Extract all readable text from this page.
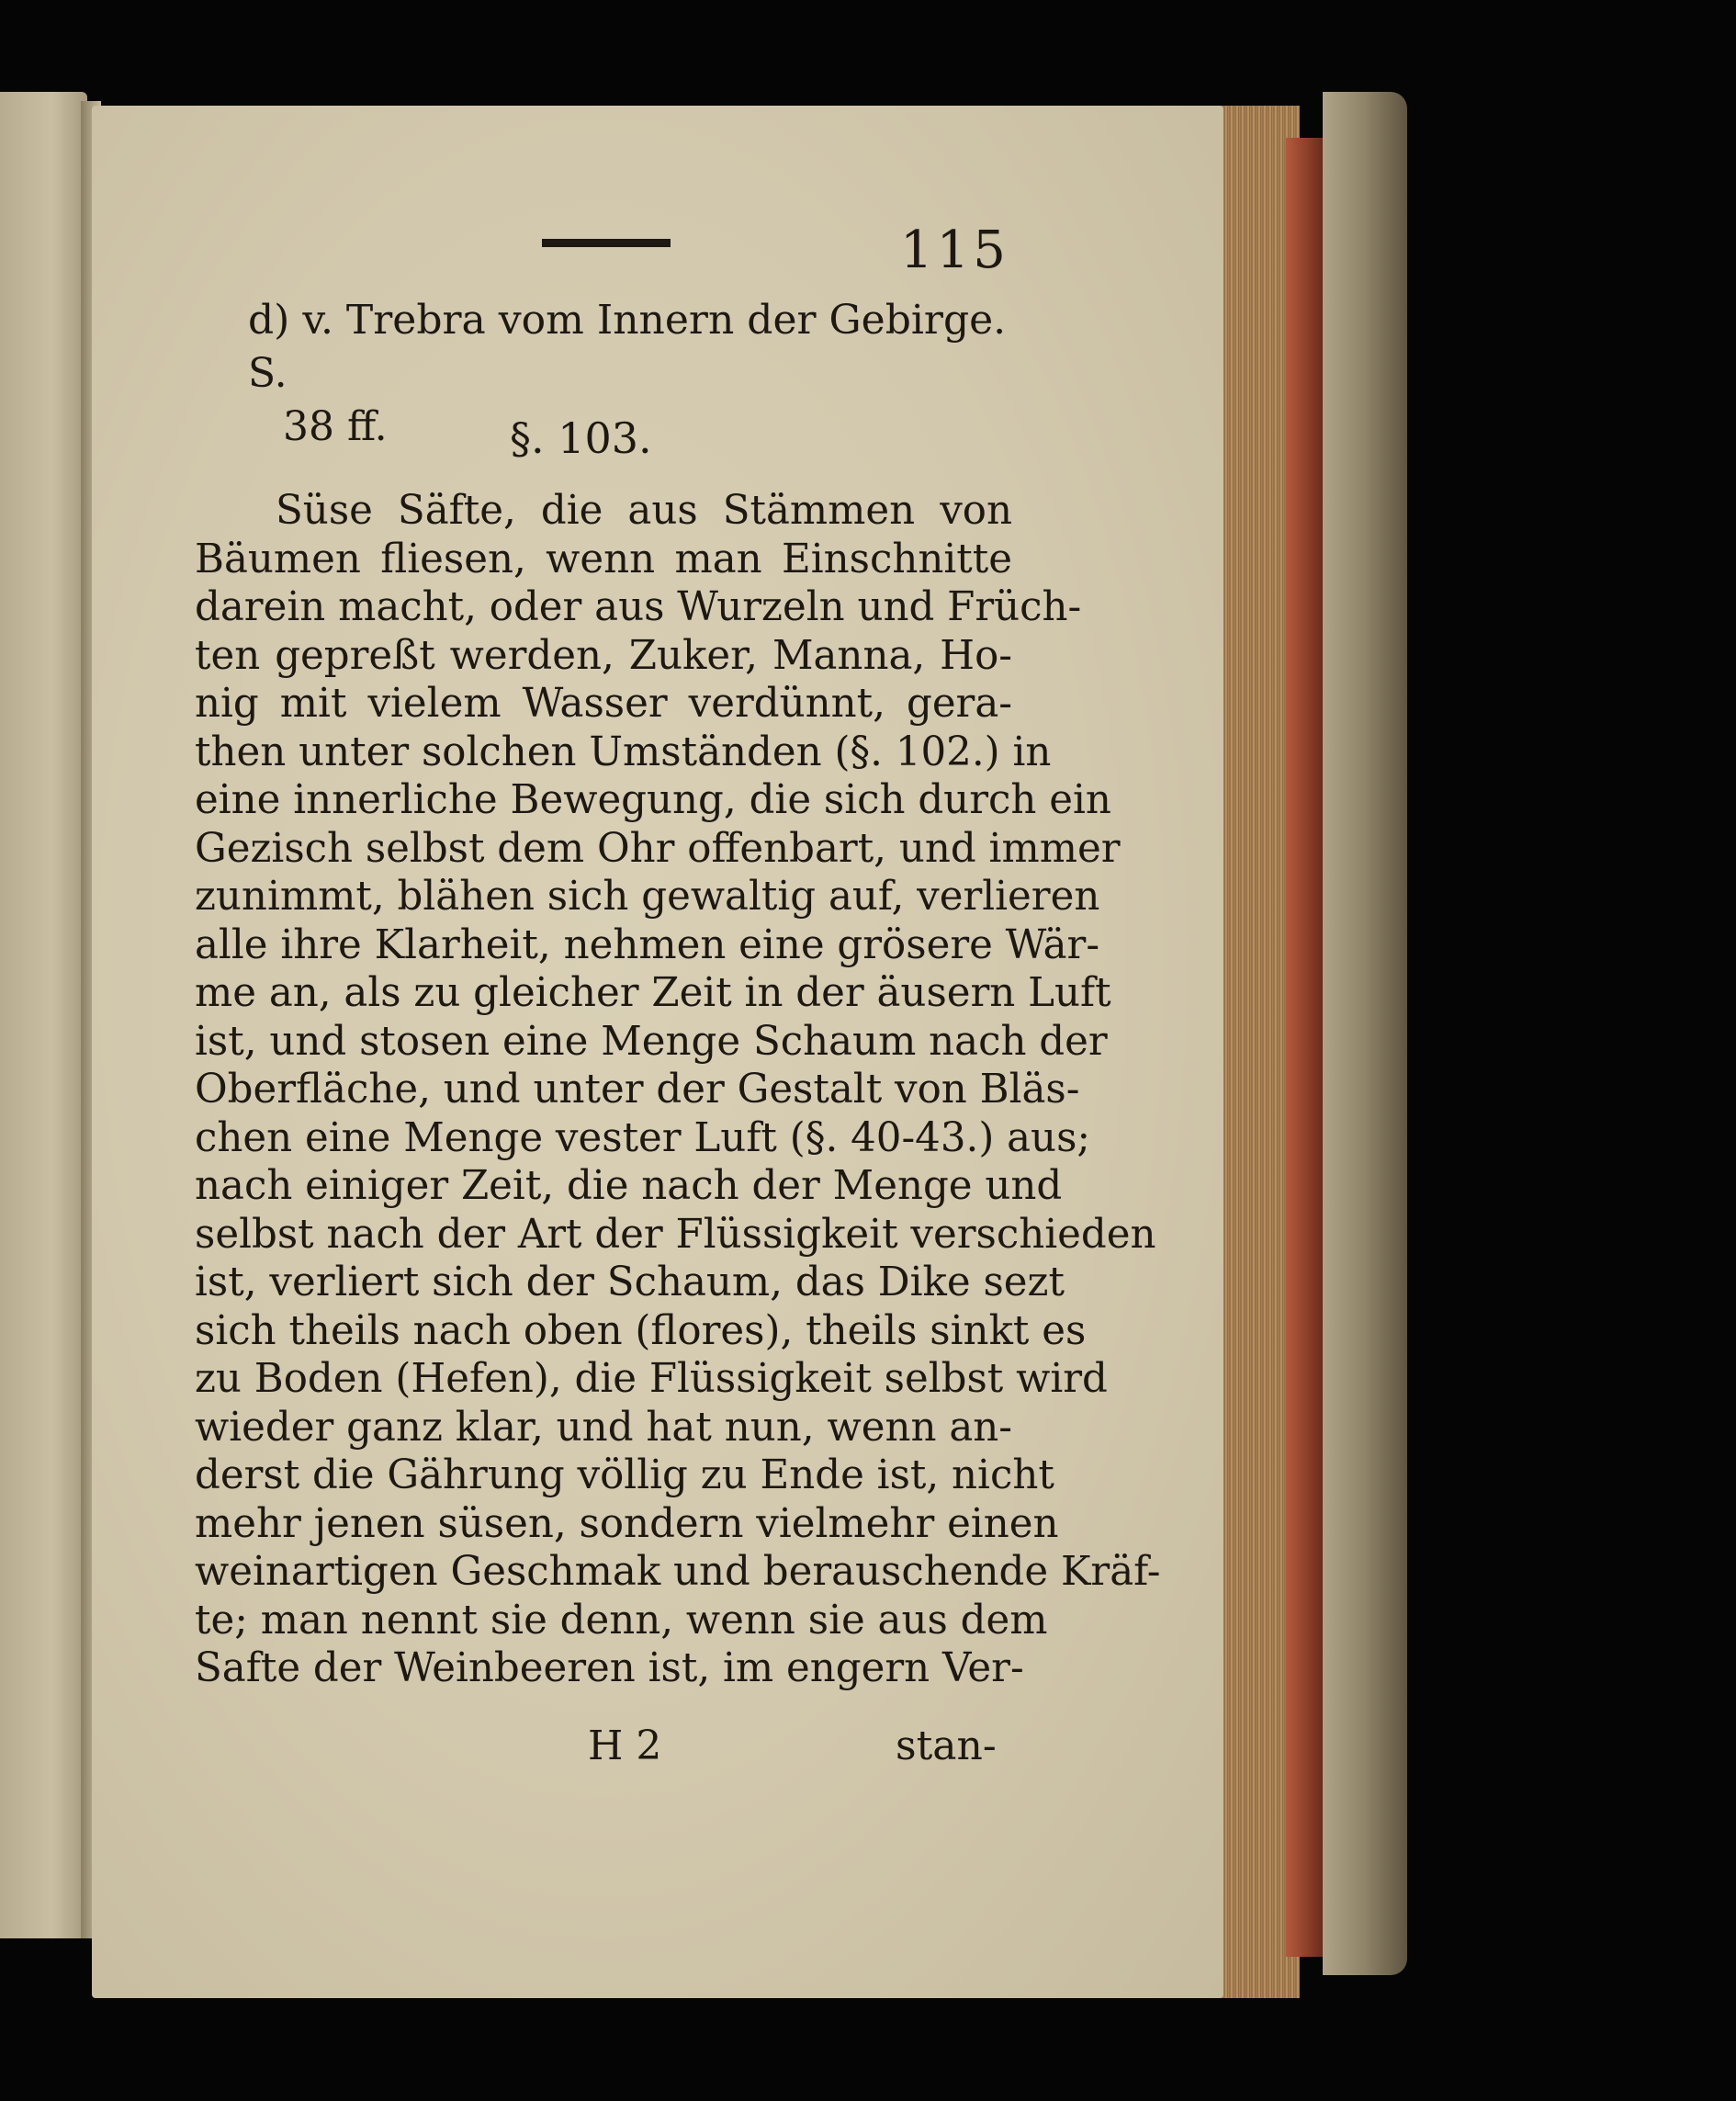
115
d) v. Trebra vom Innern der Gebirge. S.
38 ff.	§. 103.
Süse Säfte, die aus Stämmen von
Bäumen fliesen, wenn man Einschnitte
darein macht, oder aus Wurzeln und Früch-
ten gepreßt werden, Zuker, Manna, Ho-
nig mit vielem Wasser verdünnt, gera-
then unter solchen Umständen (§. 102.) in
eine innerliche Bewegung, die sich durch ein
Gezisch selbst dem Ohr offenbart, und immer
zunimmt, blähen sich gewaltig auf, verlieren
alle ihre Klarheit, nehmen eine grösere Wär-
me an, als zu gleicher Zeit in der äusern Luft
ist, und stosen eine Menge Schaum nach der
Oberfläche, und unter der Gestalt von Bläs-
chen eine Menge vester Luft (§. 40-43.) aus;
nach einiger Zeit, die nach der Menge und
selbst nach der Art der Flüssigkeit verschieden
ist, verliert sich der Schaum, das Dike sezt
sich theils nach oben (flores), theils sinkt es
zu Boden (Hefen), die Flüssigkeit selbst wird
wieder ganz klar, und hat nun, wenn an-
derst die Gährung völlig zu Ende ist, nicht
mehr jenen süsen, sondern vielmehr einen
weinartigen Geschmak und berauschende Kräf-
te; man nennt sie denn, wenn sie aus dem
Safte der Weinbeeren ist, im engern Ver-
H 2	stan-
